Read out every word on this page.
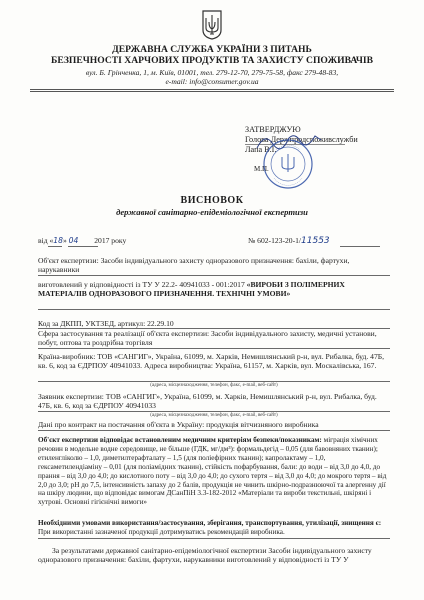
ДЕРЖАВНА СЛУЖБА УКРАЇНИ З ПИТАНЬ
БЕЗПЕЧНОСТІ ХАРЧОВИХ ПРОДУКТІВ ТА ЗАХИСТУ СПОЖИВАЧІВ
вул. Б. Грінченка, 1, м. Київ, 01001, тел. 279-12-70, 279-75-58, факс 279-48-83,
e-mail: info@consumer.gov.ua
ЗАТВЕРДЖУЮ
Голова Держпродспоживслужби
Лапа В.І.
М.П.
ВИСНОВОК
державної санітарно-епідеміологічної експертизи
від «18» 04 2017 року	№ 602-123-20-1/11553
Об'єкт експертизи: Засоби індивідуального захисту одноразового призначення: бахіли, фартухи, нарукавники
виготовлений у відповідності із ТУ У 22.2- 40941033 - 001:2017 «ВИРОБИ З ПОЛІМЕРНИХ МАТЕРІАЛІВ ОДНОРАЗОВОГО ПРИЗНАЧЕННЯ. ТЕХНІЧНІ УМОВИ»
Код за ДКПП, УКТЗЕД, артикул: 22.29.10
Сфера застосування та реалізації об'єкта експертизи: Засоби індивідуального захисту, медичні установи, побут, оптова та роздрібна торгівля
Країна-виробник: ТОВ «САНГИГ», Україна, 61099, м. Харків, Немишлянський р-н, вул. Рибалка, буд. 47Б, кв. 6, код за ЄДРПОУ 40941033. Адреса виробництва: Україна, 61157, м. Харків, вул. Москалівська, 167.
(адреса, місцезнаходження, телефон, факс, e-mail, веб-сайт)
Заявник експертизи: ТОВ «САНГИГ», Україна, 61099, м. Харків, Немишлянський р-н, вул. Рибалка, буд. 47Б, кв. 6, код за ЄДРПОУ 40941033
(адреса, місцезнаходження, телефон, факс, e-mail, веб-сайт)
Дані про контракт на постачання об'єкта в Україну: продукція вітчизняного виробника
Об'єкт експертизи відповідає встановленим медичним критеріям безпеки/показникам: міграція хімічних речовин в модельне водне середовище, не більше (ГДК, мг/дм³): формальдегід – 0,05 (для бавовняних тканин); етиленгліколю – 1,0, диметилтерафталату – 1,5 (для поліефірних тканин); капролактаму – 1,0, гексаметилендіаміну – 0,01 (для поліамідних тканин), стійкість пофарбування, бали: до води – від 3,0 до 4,0, до прання – від 3,0 до 4,0; до кислотного поту – від 3,0 до 4,0; до сухого тертя – від 3,0 до 4,0; до мокрого тертя – від 2,0 до 3,0; pH до 7,5, інтенсивність запаху до 2 балів, продукція не чинить шкірно-подразнюючої та алергенну дії на шкіру людини, що відповідає вимогам ДСанПіН 3.3-182-2012 «Матеріали та вироби текстильні, шкіряні і хутрові. Основні гігієнічні вимоги»
Необхідними умовами використання/застосування, зберігання, транспортування, утилізації, знищення є: При використанні зазначеної продукції дотримуватись рекомендацій виробника.
За результатами державної санітарно-епідеміологічної експертизи Засоби індивідуального захисту одноразового призначення: бахіли, фартухи, нарукавники виготовлений у відповідності із ТУ У
